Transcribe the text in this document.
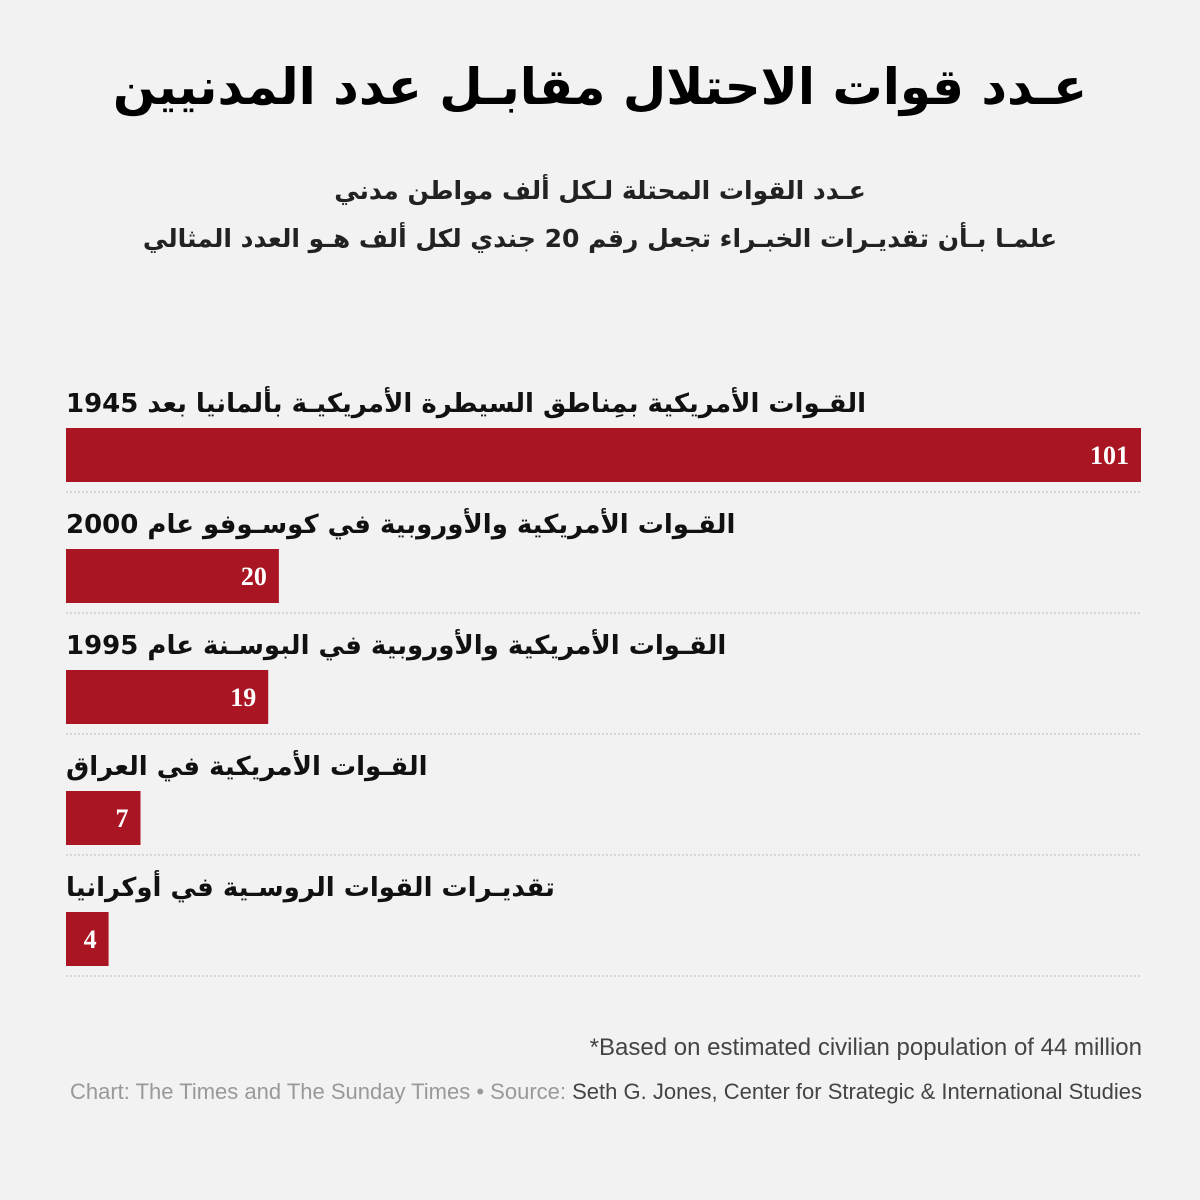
عـدد قوات الاحتلال مقابـل عدد المدنيين
عـدد القوات المحتلة لـكل ألف مواطن مدني
علمـا بـأن تقديـرات الخبـراء تجعل رقم 20 جندي لكل ألف هـو العدد المثالي
القـوات الأمريكية بمِناطق السيطرة الأمريكيـة بألمانيا بعد 1945
101
القـوات الأمريكية والأوروبية في كوسـوفو عام 2000
20
القـوات الأمريكية والأوروبية في البوسـنة عام 1995
19
القـوات الأمريكية في العراق
7
تقديـرات القوات الروسـية في أوكرانيا
4
*Based on estimated civilian population of 44 million
Chart: The Times and The Sunday Times • Source: Seth G. Jones, Center for Strategic & International Studies
